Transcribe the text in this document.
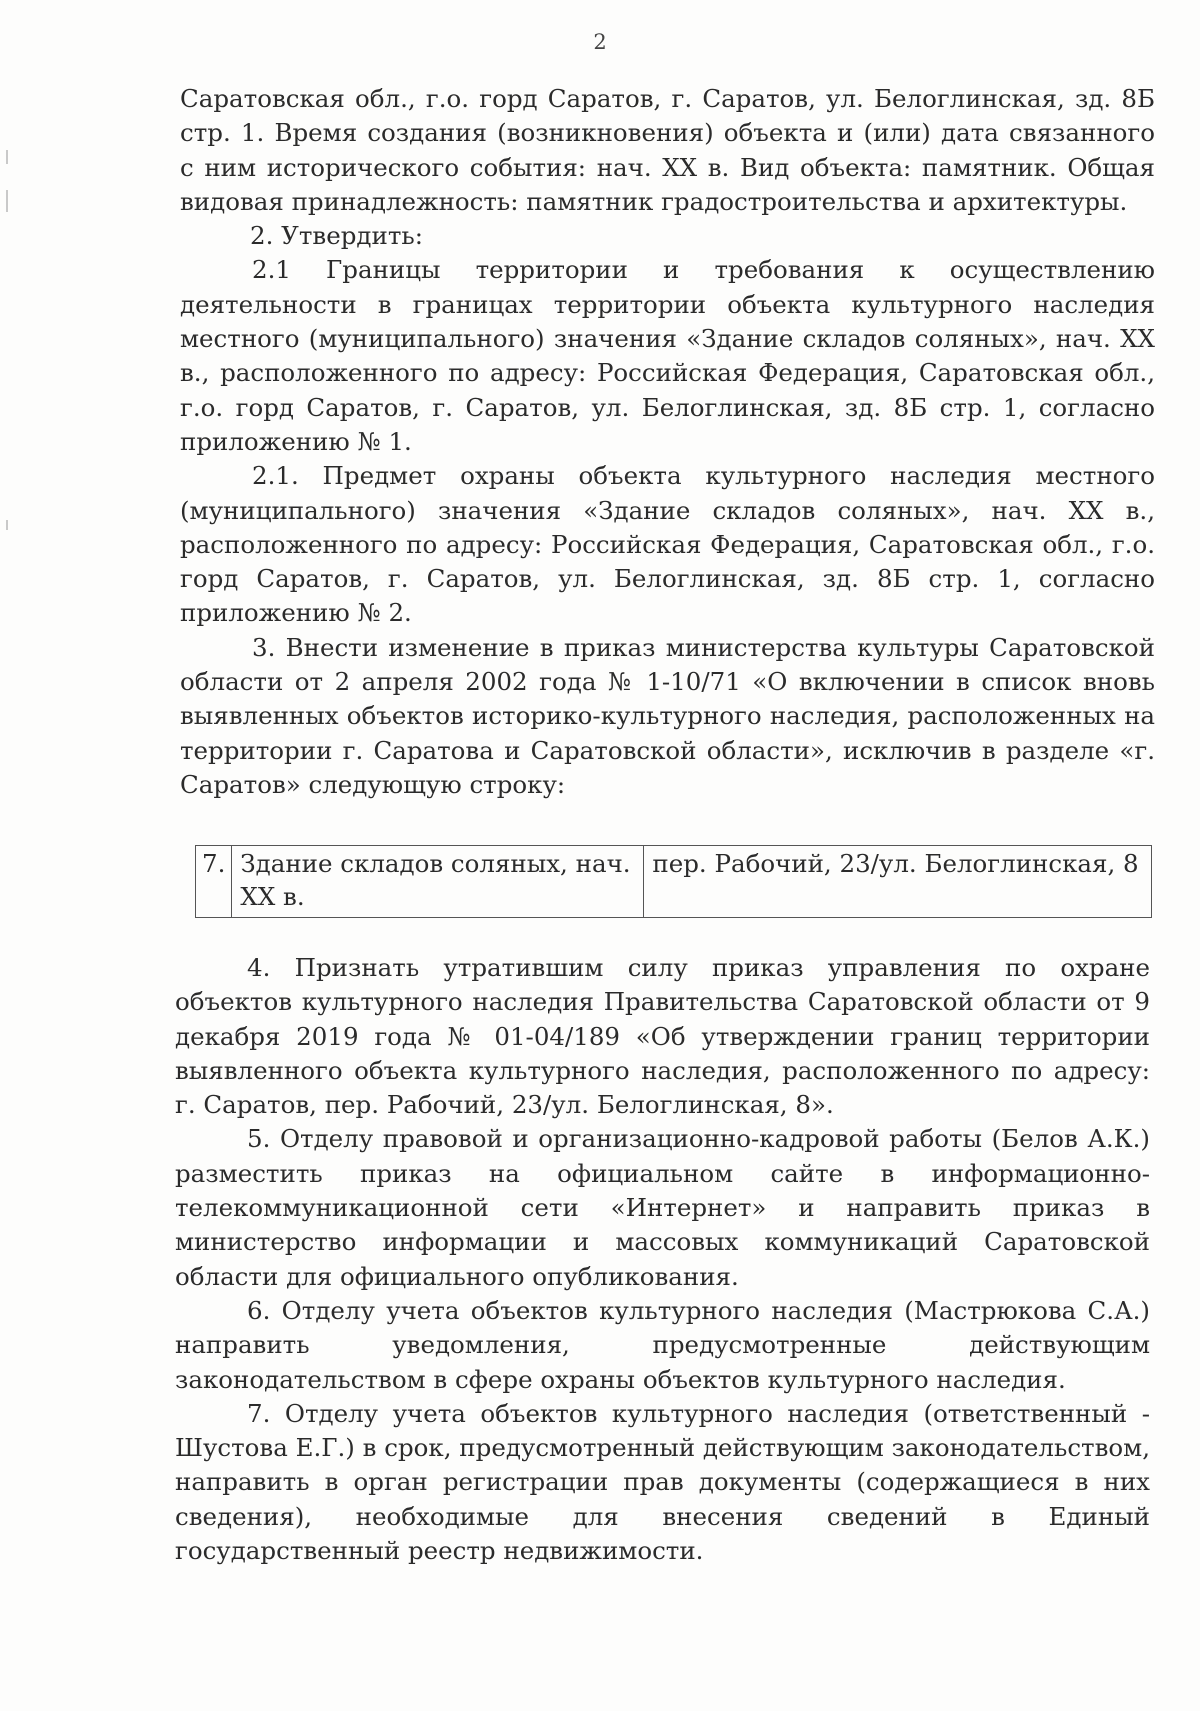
2

Саратовская обл., г.о. горд Саратов, г. Саратов, ул. Белоглинская, зд. 8Б стр. 1. Время создания (возникновения) объекта и (или) дата связанного с ним исторического события: нач. XX в. Вид объекта: памятник. Общая видовая принадлежность: памятник градостроительства и архитектуры.

2. Утвердить:

2.1 Границы территории и требования к осуществлению деятельности в границах территории объекта культурного наследия местного (муниципального) значения «Здание складов соляных», нач. XX в., расположенного по адресу: Российская Федерация, Саратовская обл., г.о. горд Саратов, г. Саратов, ул. Белоглинская, зд. 8Б стр. 1, согласно приложению № 1.

2.1. Предмет охраны объекта культурного наследия местного (муниципального) значения «Здание складов соляных», нач. XX в., расположенного по адресу: Российская Федерация, Саратовская обл., г.о. горд Саратов, г. Саратов, ул. Белоглинская, зд. 8Б стр. 1, согласно приложению № 2.

3. Внести изменение в приказ министерства культуры Саратовской области от 2 апреля 2002 года № 1-10/71 «О включении в список вновь выявленных объектов историко-культурного наследия, расположенных на территории г. Саратова и Саратовской области», исключив в разделе «г. Саратов» следующую строку:

7.	Здание складов соляных, нач. XX в.	пер. Рабочий, 23/ул. Белоглинская, 8

4. Признать утратившим силу приказ управления по охране объектов культурного наследия Правительства Саратовской области от 9 декабря 2019 года № 01-04/189 «Об утверждении границ территории выявленного объекта культурного наследия, расположенного по адресу: г. Саратов, пер. Рабочий, 23/ул. Белоглинская, 8».

5. Отделу правовой и организационно-кадровой работы (Белов А.К.) разместить приказ на официальном сайте в информационно-телекоммуникационной сети «Интернет» и направить приказ в министерство информации и массовых коммуникаций Саратовской области для официального опубликования.

6. Отделу учета объектов культурного наследия (Мастрюкова С.А.) направить уведомления, предусмотренные действующим законодательством в сфере охраны объектов культурного наследия.

7. Отделу учета объектов культурного наследия (ответственный - Шустова Е.Г.) в срок, предусмотренный действующим законодательством, направить в орган регистрации прав документы (содержащиеся в них сведения), необходимые для внесения сведений в Единый государственный реестр недвижимости.
